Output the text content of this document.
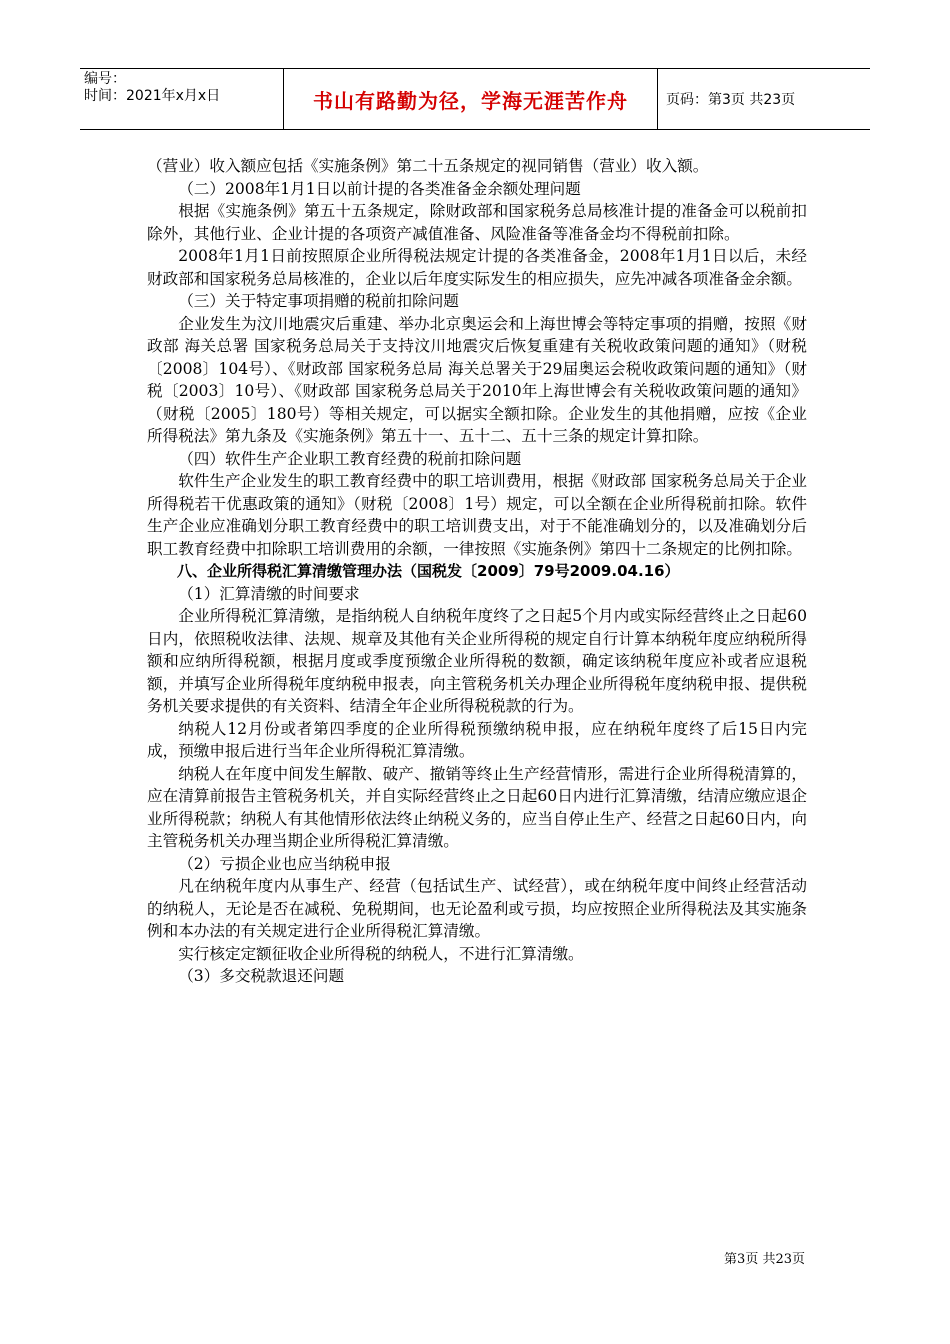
编号：
时间：2021年x月x日	书山有路勤为径，学海无涯苦作舟	页码：第3页 共23页

（营业）收入额应包括《实施条例》第二十五条规定的视同销售（营业）收入额。

（二）2008年1月1日以前计提的各类准备金余额处理问题

根据《实施条例》第五十五条规定，除财政部和国家税务总局核准计提的准备金可以税前扣除外，其他行业、企业计提的各项资产减值准备、风险准备等准备金均不得税前扣除。

2008年1月1日前按照原企业所得税法规定计提的各类准备金，2008年1月1日以后，未经财政部和国家税务总局核准的，企业以后年度实际发生的相应损失，应先冲减各项准备金余额。

（三）关于特定事项捐赠的税前扣除问题

企业发生为汶川地震灾后重建、举办北京奥运会和上海世博会等特定事项的捐赠，按照《财政部 海关总署 国家税务总局关于支持汶川地震灾后恢复重建有关税收政策问题的通知》（财税〔2008〕104号）、《财政部 国家税务总局 海关总署关于29届奥运会税收政策问题的通知》（财税〔2003〕10号）、《财政部 国家税务总局关于2010年上海世博会有关税收政策问题的通知》（财税〔2005〕180号）等相关规定，可以据实全额扣除。企业发生的其他捐赠，应按《企业所得税法》第九条及《实施条例》第五十一、五十二、五十三条的规定计算扣除。

（四）软件生产企业职工教育经费的税前扣除问题

软件生产企业发生的职工教育经费中的职工培训费用，根据《财政部 国家税务总局关于企业所得税若干优惠政策的通知》（财税〔2008〕1号）规定，可以全额在企业所得税前扣除。软件生产企业应准确划分职工教育经费中的职工培训费支出，对于不能准确划分的，以及准确划分后职工教育经费中扣除职工培训费用的余额，一律按照《实施条例》第四十二条规定的比例扣除。

八、企业所得税汇算清缴管理办法（国税发〔2009〕79号2009.04.16）

（1）汇算清缴的时间要求

企业所得税汇算清缴，是指纳税人自纳税年度终了之日起5个月内或实际经营终止之日起60日内，依照税收法律、法规、规章及其他有关企业所得税的规定自行计算本纳税年度应纳税所得额和应纳所得税额，根据月度或季度预缴企业所得税的数额，确定该纳税年度应补或者应退税额，并填写企业所得税年度纳税申报表，向主管税务机关办理企业所得税年度纳税申报、提供税务机关要求提供的有关资料、结清全年企业所得税税款的行为。

纳税人12月份或者第四季度的企业所得税预缴纳税申报，应在纳税年度终了后15日内完成，预缴申报后进行当年企业所得税汇算清缴。

纳税人在年度中间发生解散、破产、撤销等终止生产经营情形，需进行企业所得税清算的，应在清算前报告主管税务机关，并自实际经营终止之日起60日内进行汇算清缴，结清应缴应退企业所得税款；纳税人有其他情形依法终止纳税义务的，应当自停止生产、经营之日起60日内，向主管税务机关办理当期企业所得税汇算清缴。

（2）亏损企业也应当纳税申报

凡在纳税年度内从事生产、经营（包括试生产、试经营），或在纳税年度中间终止经营活动的纳税人，无论是否在减税、免税期间，也无论盈利或亏损，均应按照企业所得税法及其实施条例和本办法的有关规定进行企业所得税汇算清缴。

实行核定定额征收企业所得税的纳税人，不进行汇算清缴。

（3）多交税款退还问题

第3页 共23页
